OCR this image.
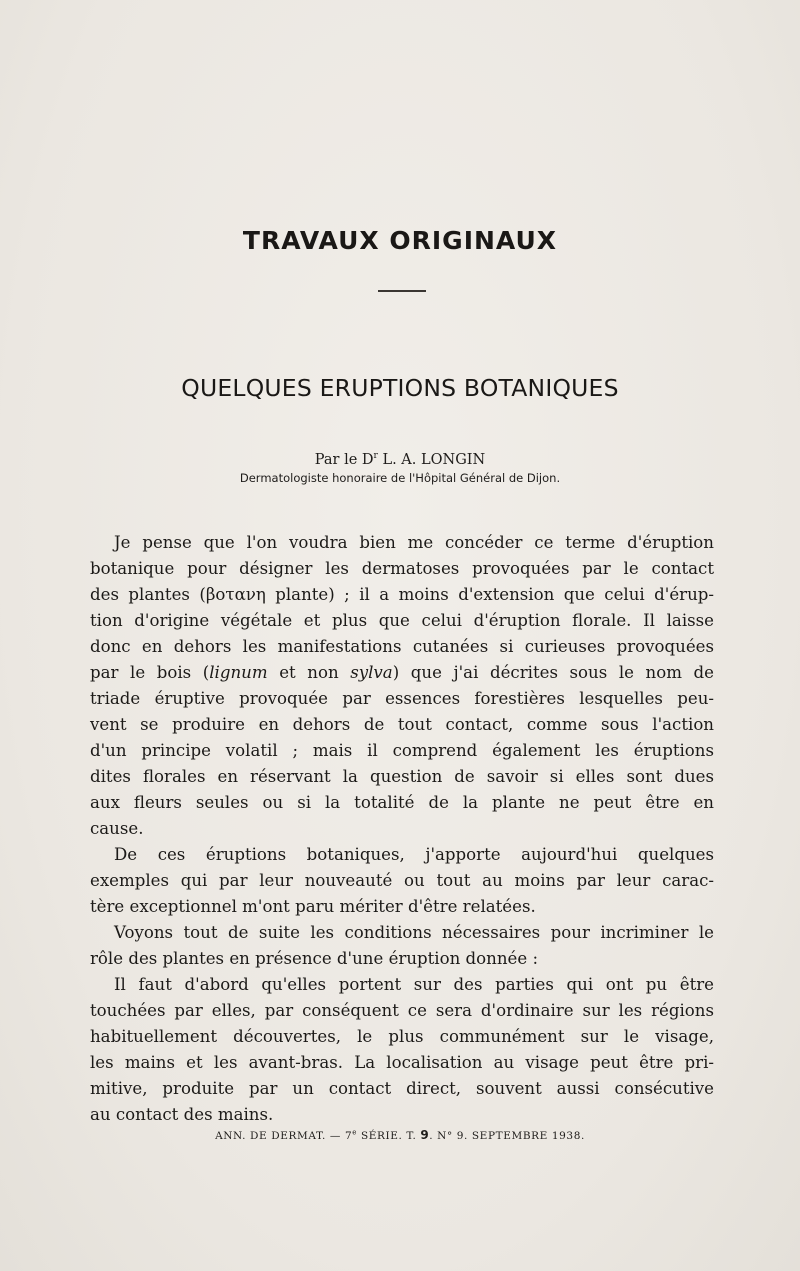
TRAVAUX ORIGINAUX
QUELQUES ERUPTIONS BOTANIQUES
Par le $D^r$ L. A. LONGIN
Dermatologiste honoraire de l'Hôpital Général de Dijon.
Je pense que l'on voudra bien me concéder ce terme d'éruption
botanique pour désigner les dermatoses provoquées par le contact
des plantes (βοτανη plante) ; il a moins d'extension que celui d'érup-
tion d'origine végétale et plus que celui d'éruption florale. Il laisse
donc en dehors les manifestations cutanées si curieuses provoquées
par le bois (lignum et non sylva) que j'ai décrites sous le nom de
triade éruptive provoquée par essences forestières lesquelles peu-
vent se produire en dehors de tout contact, comme sous l'action
d'un principe volatil ; mais il comprend également les éruptions
dites florales en réservant la question de savoir si elles sont dues
aux fleurs seules ou si la totalité de la plante ne peut être en
cause.
De ces éruptions botaniques, j'apporte aujourd'hui quelques
exemples qui par leur nouveauté ou tout au moins par leur carac-
tère exceptionnel m'ont paru mériter d'être relatées.
Voyons tout de suite les conditions nécessaires pour incriminer le
rôle des plantes en présence d'une éruption donnée :
Il faut d'abord qu'elles portent sur des parties qui ont pu être
touchées par elles, par conséquent ce sera d'ordinaire sur les régions
habituellement découvertes, le plus communément sur le visage,
les mains et les avant-bras. La localisation au visage peut être pri-
mitive, produite par un contact direct, souvent aussi consécutive
au contact des mains.
ANN. DE DERMAT. — 7e SÉRIE. T. 9. N° 9. SEPTEMBRE 1938.
